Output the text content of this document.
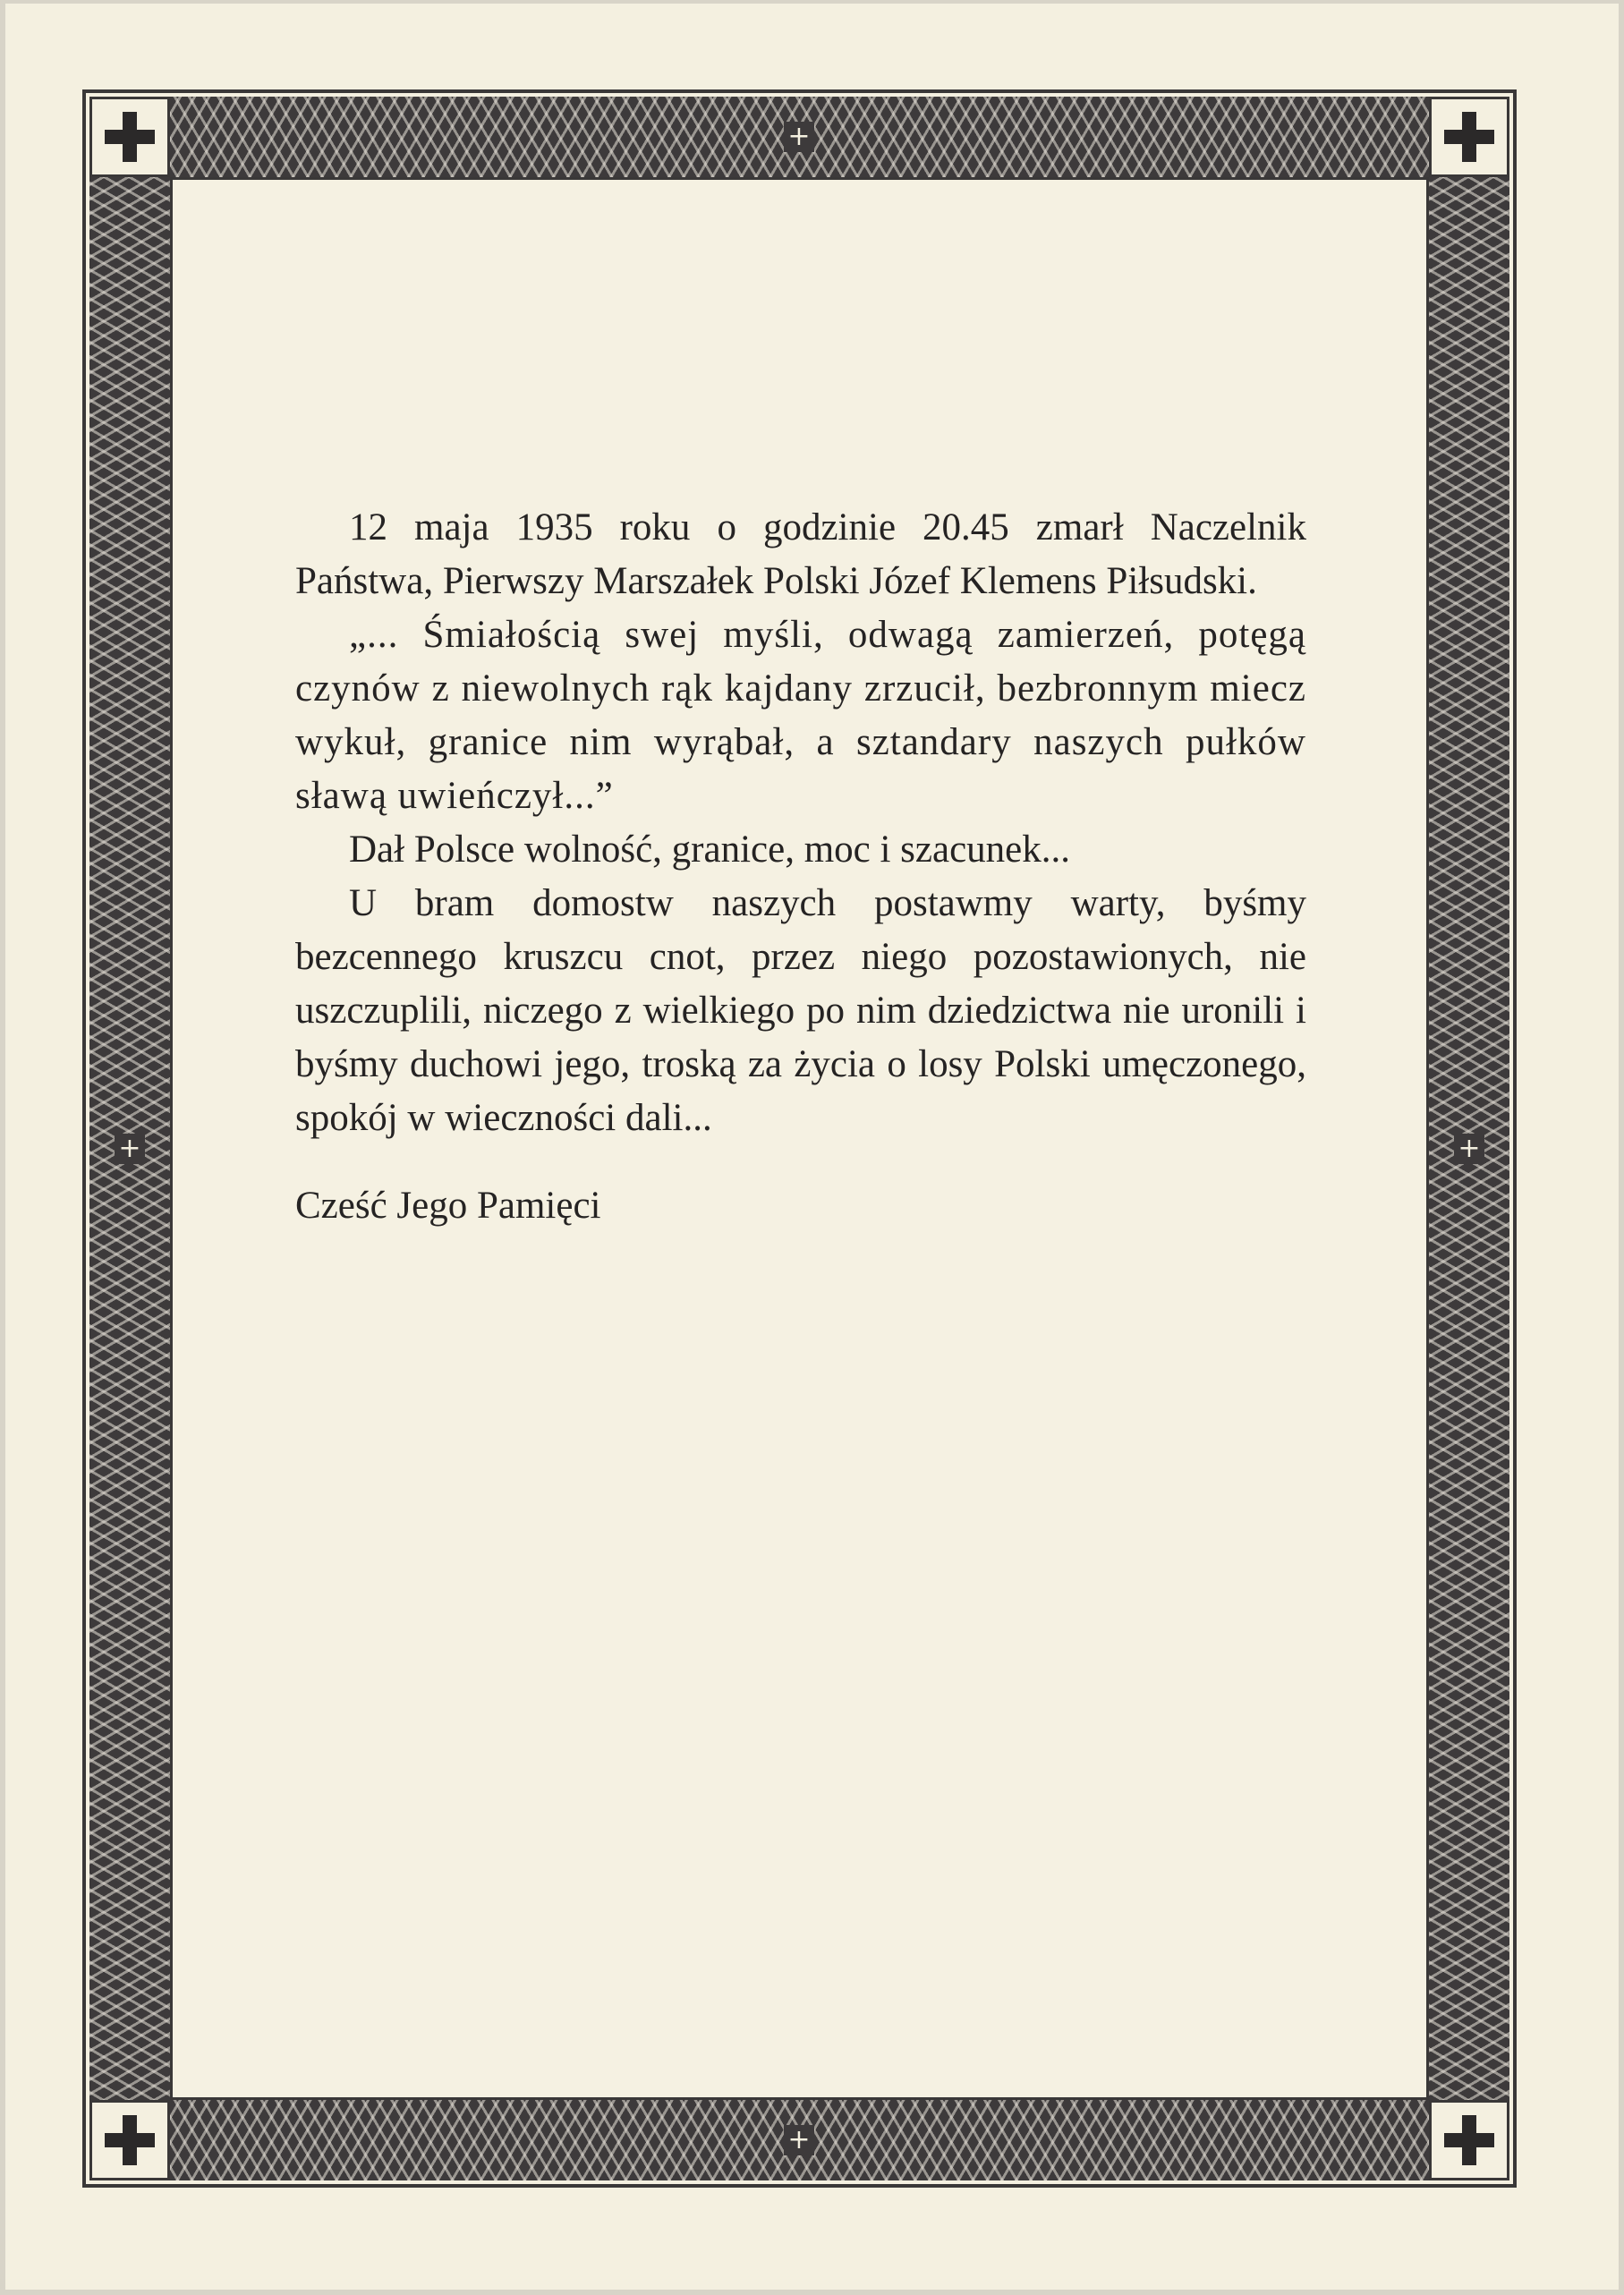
+
+
+	+

12 maja 1935 roku o godzinie 20.45 zmarł Naczelnik Państwa, Pierwszy Marszałek Polski Józef Klemens Piłsudski.

„... Śmiałością swej myśli, odwagą zamierzeń, potęgą czynów z niewolnych rąk kajdany zrzucił, bezbronnym miecz wykuł, granice nim wyrąbał, a sztandary naszych pułków sławą uwieńczył...”

Dał Polsce wolność, granice, moc i szacunek...

U bram domostw naszych postawmy warty, byśmy bezcennego kruszcu cnot, przez niego pozostawionych, nie uszczuplili, niczego z wielkiego po nim dziedzictwa nie uronili i byśmy duchowi jego, troską za życia o losy Polski umęczonego, spokój w wieczności dali...

Cześć Jego Pamięci
